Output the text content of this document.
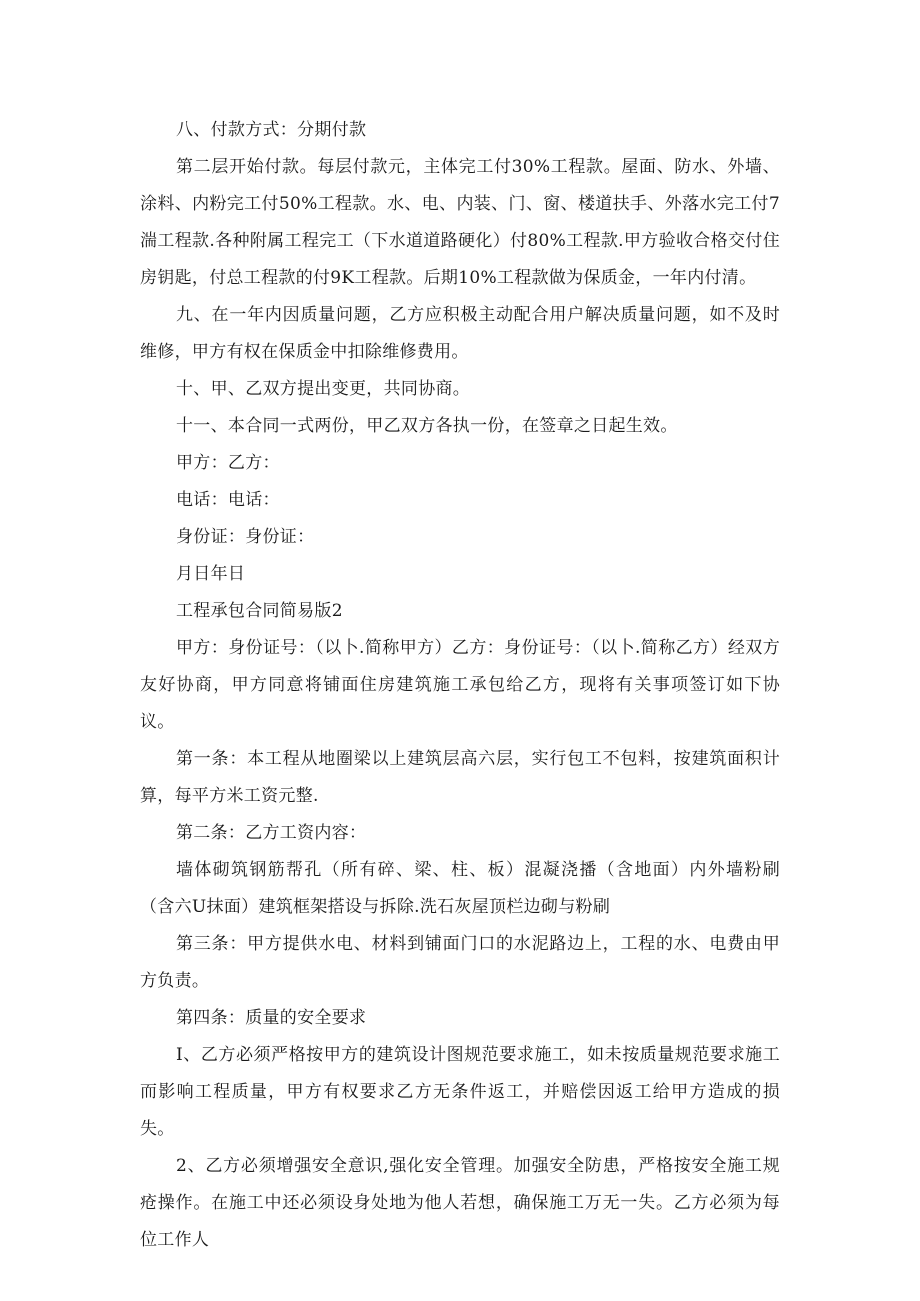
八、付款方式：分期付款

第二层开始付款。每层付款元，主体完工付30%工程款。屋面、防水、外墙、涂料、内粉完工付50%工程款。水、电、内装、门、窗、楼道扶手、外落水完工付7湍工程款.各种附属工程完工（下水道道路硬化）付80%工程款.甲方验收合格交付住房钥匙，付总工程款的付9K工程款。后期10%工程款做为保质金，一年内付清。

九、在一年内因质量问题，乙方应积极主动配合用户解决质量问题，如不及时维修，甲方有权在保质金中扣除维修费用。

十、甲、乙双方提出变更，共同协商。

十一、本合同一式两份，甲乙双方各执一份，在签章之日起生效。

甲方：乙方：

电话：电话：

身份证：身份证：

月日年日

工程承包合同简易版2

甲方：身份证号：（以卜.简称甲方）乙方：身份证号：（以卜.简称乙方）经双方友好协商，甲方同意将铺面住房建筑施工承包给乙方，现将有关事项签订如下协议。

第一条：本工程从地圈梁以上建筑层高六层，实行包工不包料，按建筑面积计算，每平方米工资元整.

第二条：乙方工资内容：

墙体砌筑钢筋帮孔（所有碎、梁、柱、板）混凝浇播（含地面）内外墙粉刷（含六U抹面）建筑框架搭设与拆除.洗石灰屋顶栏边砌与粉刷

第三条：甲方提供水电、材料到铺面门口的水泥路边上，工程的水、电费由甲方负责。

第四条：质量的安全要求

I、乙方必须严格按甲方的建筑设计图规范要求施工，如未按质量规范要求施工而影响工程质量，甲方有权要求乙方无条件返工，并赔偿因返工给甲方造成的损失。

2、乙方必须增强安全意识,强化安全管理。加强安全防患，严格按安全施工规疮操作。在施工中还必须设身处地为他人若想，确保施工万无一失。乙方必须为每位工作人
